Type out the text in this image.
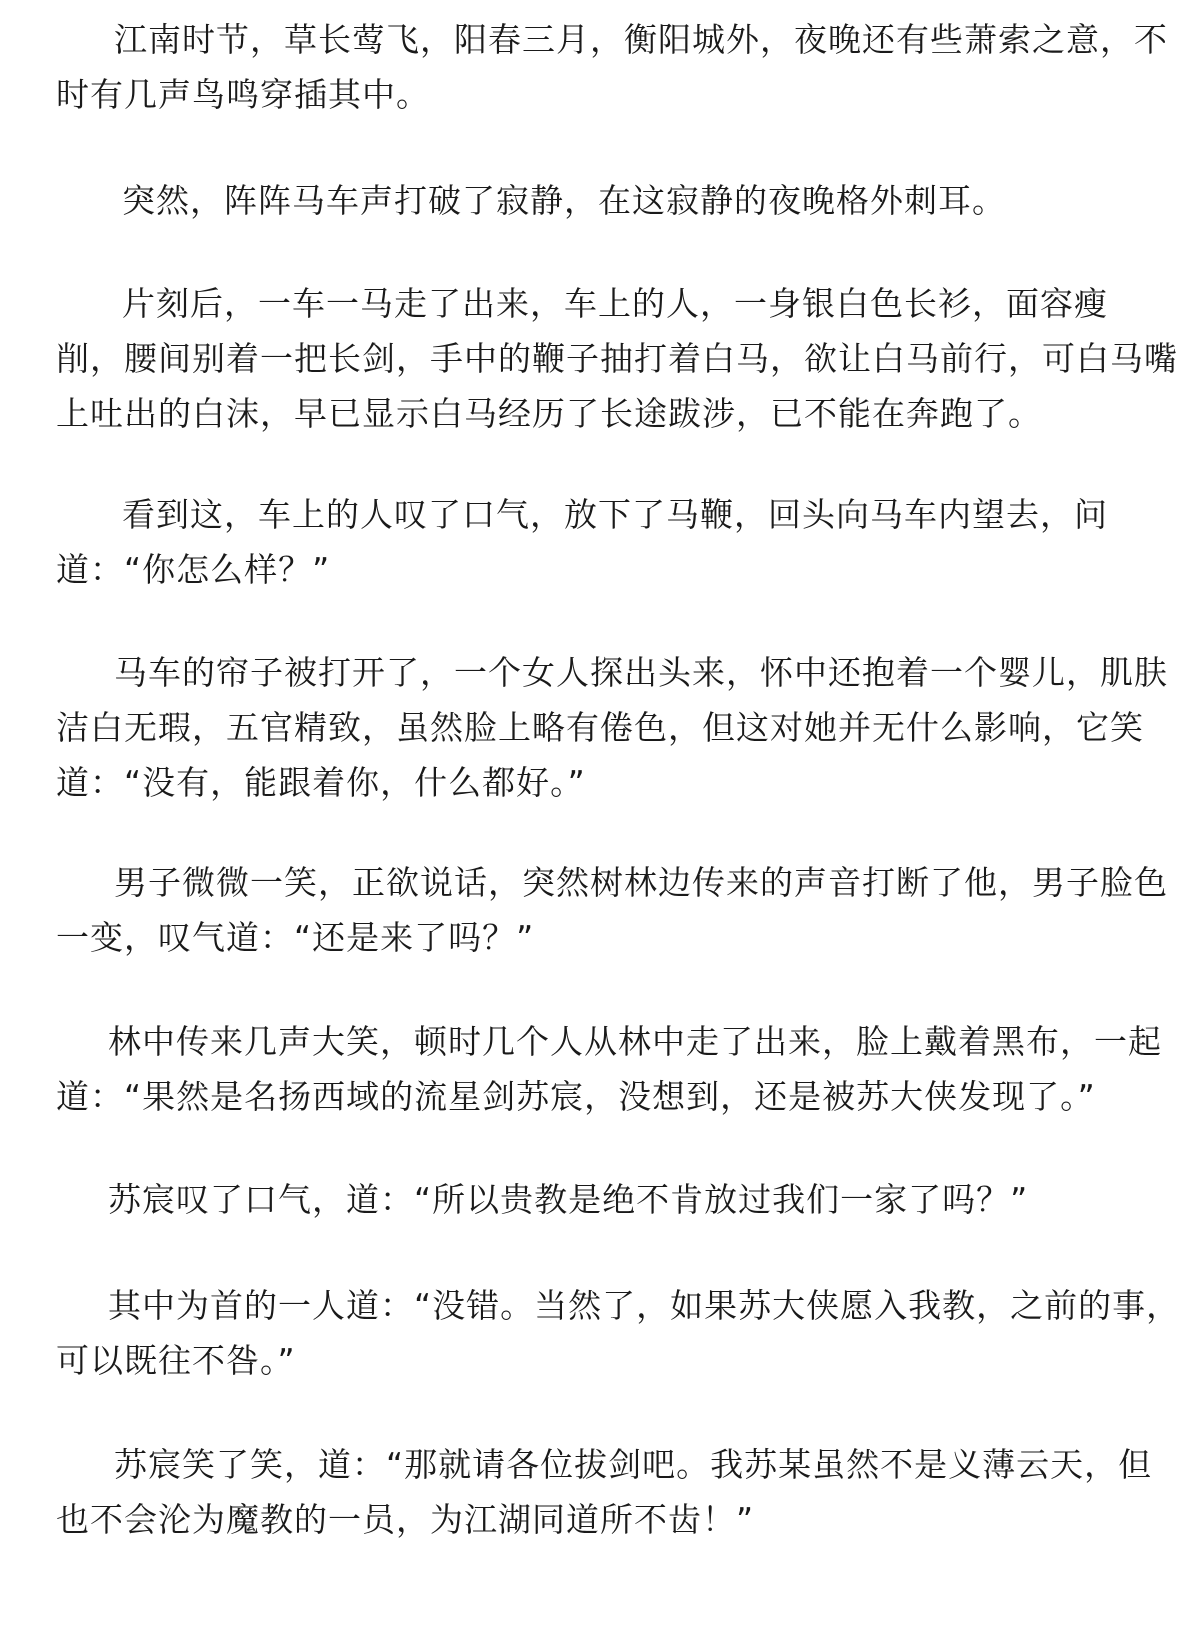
江南时节，草长莺飞，阳春三月，衡阳城外，夜晚还有些萧索之意，不
时有几声鸟鸣穿插其中。

突然，阵阵马车声打破了寂静，在这寂静的夜晚格外刺耳。

片刻后，一车一马走了出来，车上的人，一身银白色长衫，面容瘦
削，腰间别着一把长剑，手中的鞭子抽打着白马，欲让白马前行，可白马嘴
上吐出的白沫，早已显示白马经历了长途跋涉，已不能在奔跑了。

看到这，车上的人叹了口气，放下了马鞭，回头向马车内望去，问
道：“你怎么样？”

马车的帘子被打开了，一个女人探出头来，怀中还抱着一个婴儿，肌肤
洁白无瑕，五官精致，虽然脸上略有倦色，但这对她并无什么影响，它笑
道：“没有，能跟着你，什么都好。”

男子微微一笑，正欲说话，突然树林边传来的声音打断了他，男子脸色
一变，叹气道：“还是来了吗？”

林中传来几声大笑，顿时几个人从林中走了出来，脸上戴着黑布，一起
道：“果然是名扬西域的流星剑苏宸，没想到，还是被苏大侠发现了。”

苏宸叹了口气，道：“所以贵教是绝不肯放过我们一家了吗？”

其中为首的一人道：“没错。当然了，如果苏大侠愿入我教，之前的事，
可以既往不咎。”

苏宸笑了笑，道：“那就请各位拔剑吧。我苏某虽然不是义薄云天，但
也不会沦为魔教的一员，为江湖同道所不齿！”
